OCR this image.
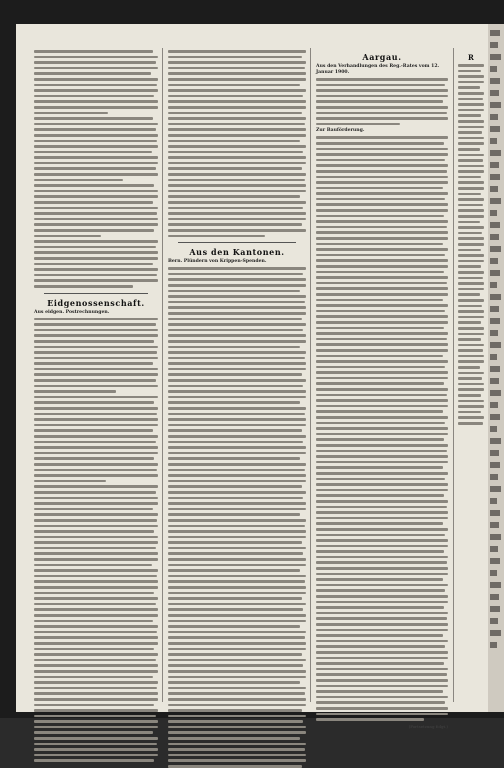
Eidgenossenschaft.
Aus eidgen. Postrechnungen.
Aus den Kantonen.
Bern. Plündern von Krippen-Spenden.
Aargau.
Aus den Verhandlungen des Reg.-Rates vom 12. Januar 1900.
Zur Bauförderung.
(Fortsetzung folgt.)
R
